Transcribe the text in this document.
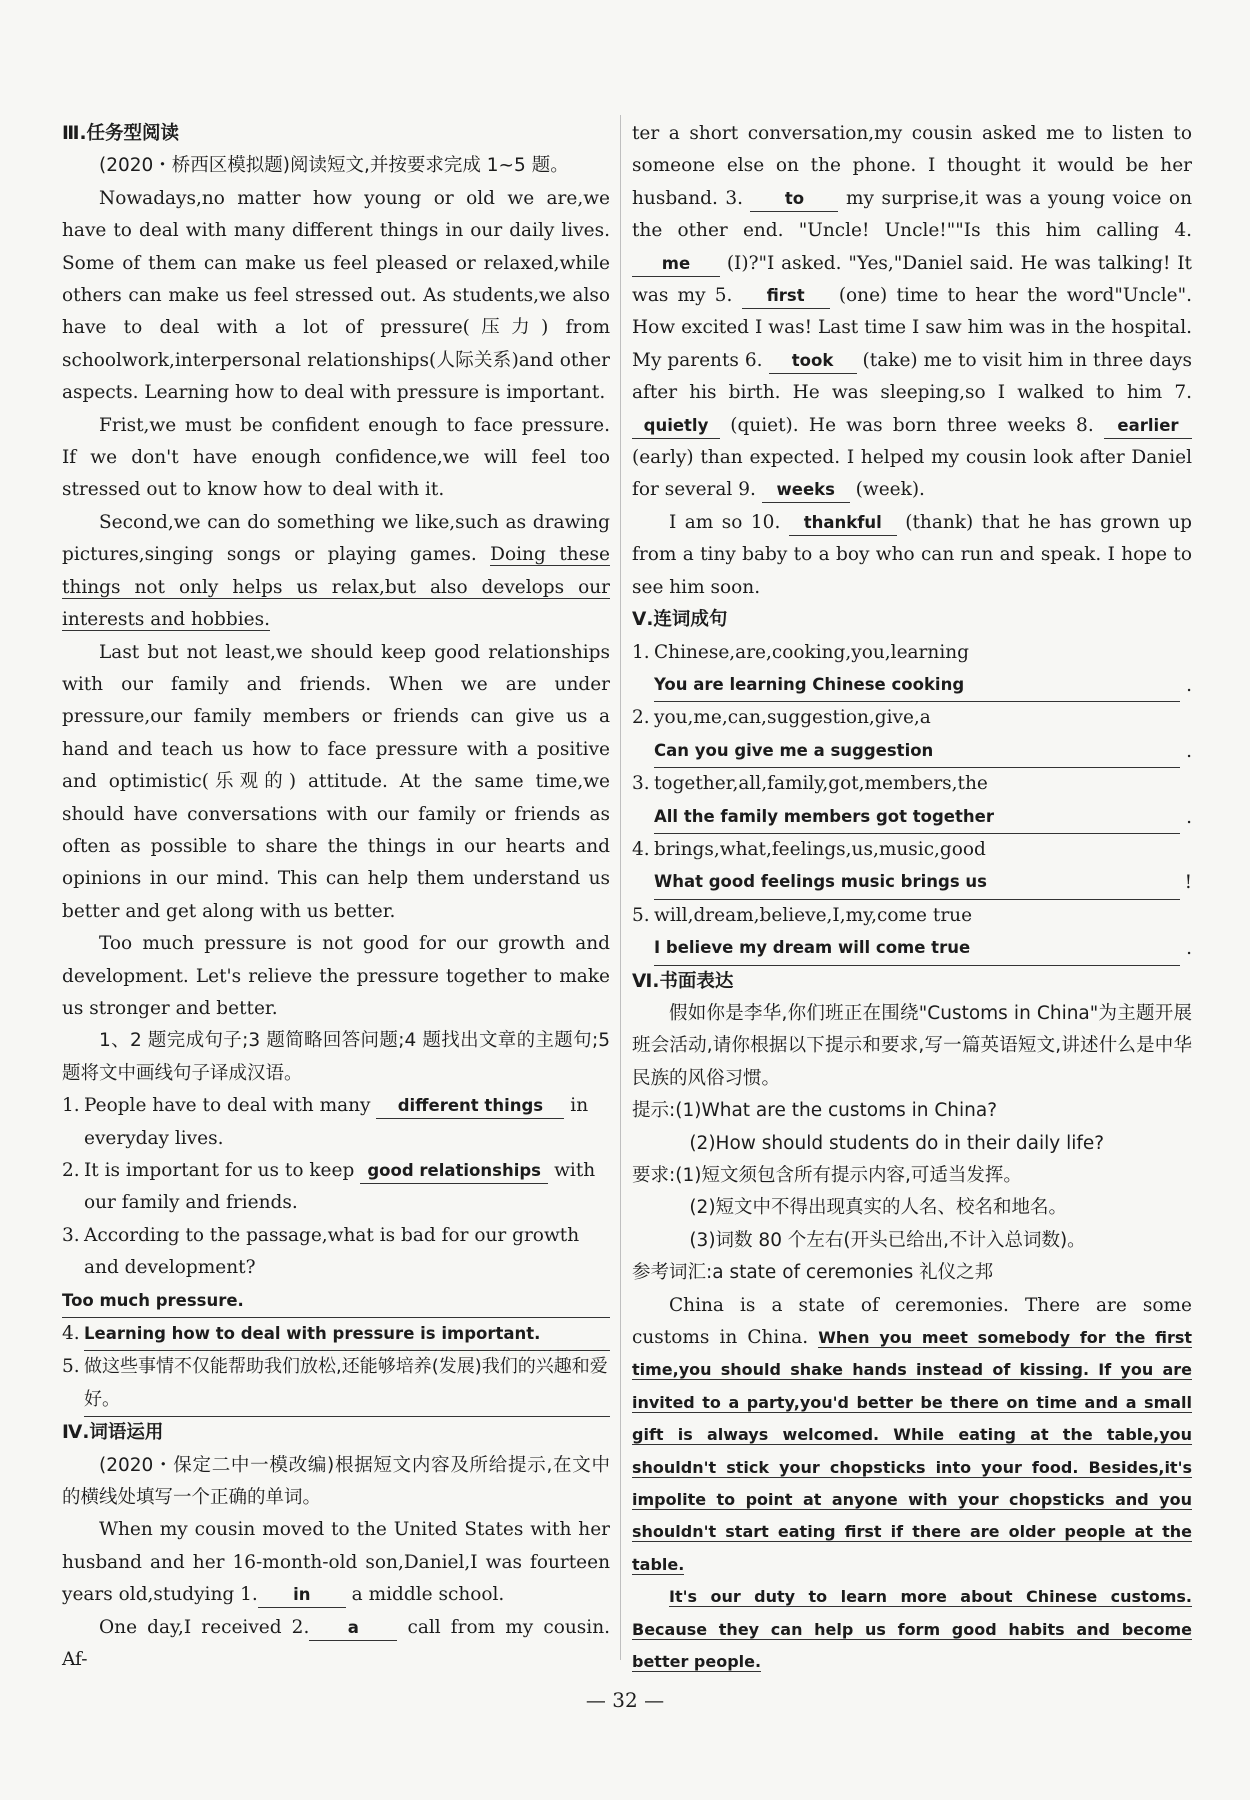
Ⅲ.任务型阅读

(2020・桥西区模拟题)阅读短文,并按要求完成 1~5 题。

Nowadays,no matter how young or old we are,we have to deal with many different things in our daily lives. Some of them can make us feel pleased or relaxed,while others can make us feel stressed out. As students,we also have to deal with a lot of pressure(压力) from schoolwork,interpersonal relationships(人际关系)and other aspects. Learning how to deal with pressure is important.

Frist,we must be confident enough to face pressure. If we don't have enough confidence,we will feel too stressed out to know how to deal with it.

Second,we can do something we like,such as drawing pictures,singing songs or playing games. Doing these things not only helps us relax,but also develops our interests and hobbies.

Last but not least,we should keep good relationships with our family and friends. When we are under pressure,our family members or friends can give us a hand and teach us how to face pressure with a positive and optimistic(乐观的) attitude. At the same time,we should have conversations with our family or friends as often as possible to share the things in our hearts and opinions in our mind. This can help them understand us better and get along with us better.

Too much pressure is not good for our growth and development. Let's relieve the pressure together to make us stronger and better.

1、2 题完成句子;3 题简略回答问题;4 题找出文章的主题句;5 题将文中画线句子译成汉语。

1. People have to deal with many different things in everyday lives.
2. It is important for us to keep good relationships with our family and friends.
3. According to the passage,what is bad for our growth and development?
Too much pressure.
4. Learning how to deal with pressure is important.
5. 做这些事情不仅能帮助我们放松,还能够培养(发展)我们的兴趣和爱好。

Ⅳ.词语运用

(2020・保定二中一模改编)根据短文内容及所给提示,在文中的横线处填写一个正确的单词。

When my cousin moved to the United States with her husband and her 16-month-old son,Daniel,I was fourteen years old,studying 1. in a middle school.

One day,I received 2. a	call from my cousin. Af-

ter a short conversation,my cousin asked me to listen to someone else on the phone. I thought it would be her husband. 3.	to my surprise,it was a young voice on the other end. "Uncle! Uncle!""Is this him calling 4. me (I)?"I asked. "Yes,"Daniel said. He was talking! It was my 5. first (one) time to hear the word"Uncle". How excited I was! Last time I saw him was in the hospital. My parents 6. took (take) me to visit him in three days after his birth. He was sleeping,so I walked to him 7. quietly (quiet). He was born three weeks 8. earlier (early) than expected. I helped my cousin look after Daniel for several 9. weeks (week).

I am so 10. thankful (thank) that he has grown up from a tiny baby to a boy who can run and speak. I hope to see him soon.

Ⅴ.连词成句

1. Chinese,are,cooking,you,learning
You are learning Chinese cooking	.
2. you,me,can,suggestion,give,a
Can you give me a suggestion	.
3. together,all,family,got,members,the
All the family members got together	.
4. brings,what,feelings,us,music,good
What good feelings music brings us	!
5. will,dream,believe,I,my,come true
I believe my dream will come true	.

Ⅵ.书面表达

假如你是李华,你们班正在围绕"Customs in China"为主题开展班会活动,请你根据以下提示和要求,写一篇英语短文,讲述什么是中华民族的风俗习惯。

提示:(1)What are the customs in China?

(2)How should students do in their daily life?

要求:(1)短文须包含所有提示内容,可适当发挥。

(2)短文中不得出现真实的人名、校名和地名。

(3)词数 80 个左右(开头已给出,不计入总词数)。

参考词汇:a state of ceremonies 礼仪之邦

China is a state of ceremonies. There are some customs in China. When you meet somebody for the first time,you should shake hands instead of kissing. If you are invited to a party,you'd better be there on time and a small gift is always welcomed. While eating at the table,you shouldn't stick your chopsticks into your food. Besides,it's impolite to point at anyone with your chopsticks and you shouldn't start eating first if there are older people at the table.

It's our duty to learn more about Chinese customs. Because they can help us form good habits and become better people.

— 32 —
